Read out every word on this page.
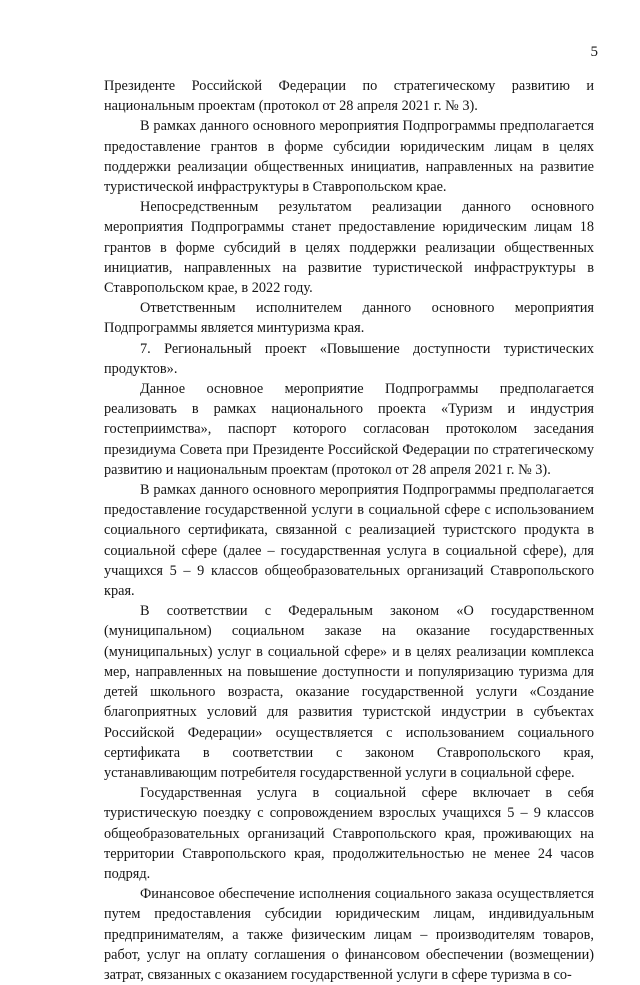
5

Президенте Российской Федерации по стратегическому развитию и национальным проектам (протокол от 28 апреля 2021 г. № 3).

В рамках данного основного мероприятия Подпрограммы предполагается предоставление грантов в форме субсидии юридическим лицам в целях поддержки реализации общественных инициатив, направленных на развитие туристической инфраструктуры в Ставропольском крае.

Непосредственным результатом реализации данного основного мероприятия Подпрограммы станет предоставление юридическим лицам 18 грантов в форме субсидий в целях поддержки реализации общественных инициатив, направленных на развитие туристической инфраструктуры в Ставропольском крае, в 2022 году.

Ответственным исполнителем данного основного мероприятия Подпрограммы является минтуризма края.

7. Региональный проект «Повышение доступности туристических продуктов».

Данное основное мероприятие Подпрограммы предполагается реализовать в рамках национального проекта «Туризм и индустрия гостеприимства», паспорт которого согласован протоколом заседания президиума Совета при Президенте Российской Федерации по стратегическому развитию и национальным проектам (протокол от 28 апреля 2021 г. № 3).

В рамках данного основного мероприятия Подпрограммы предполагается предоставление государственной услуги в социальной сфере с использованием социального сертификата, связанной с реализацией туристского продукта в социальной сфере (далее – государственная услуга в социальной сфере), для учащихся 5 – 9 классов общеобразовательных организаций Ставропольского края.

В соответствии с Федеральным законом «О государственном (муниципальном) социальном заказе на оказание государственных (муниципальных) услуг в социальной сфере» и в целях реализации комплекса мер, направленных на повышение доступности и популяризацию туризма для детей школьного возраста, оказание государственной услуги «Создание благоприятных условий для развития туристской индустрии в субъектах Российской Федерации» осуществляется с использованием социального сертификата в соответствии с законом Ставропольского края, устанавливающим потребителя государственной услуги в социальной сфере.

Государственная услуга в социальной сфере включает в себя туристическую поездку с сопровождением взрослых учащихся 5 – 9 классов общеобразовательных организаций Ставропольского края, проживающих на территории Ставропольского края, продолжительностью не менее 24 часов подряд.

Финансовое обеспечение исполнения социального заказа осуществляется путем предоставления субсидии юридическим лицам, индивидуальным предпринимателям, а также физическим лицам – производителям товаров, работ, услуг на оплату соглашения о финансовом обеспечении (возмещении) затрат, связанных с оказанием государственной услуги в сфере туризма в со-
